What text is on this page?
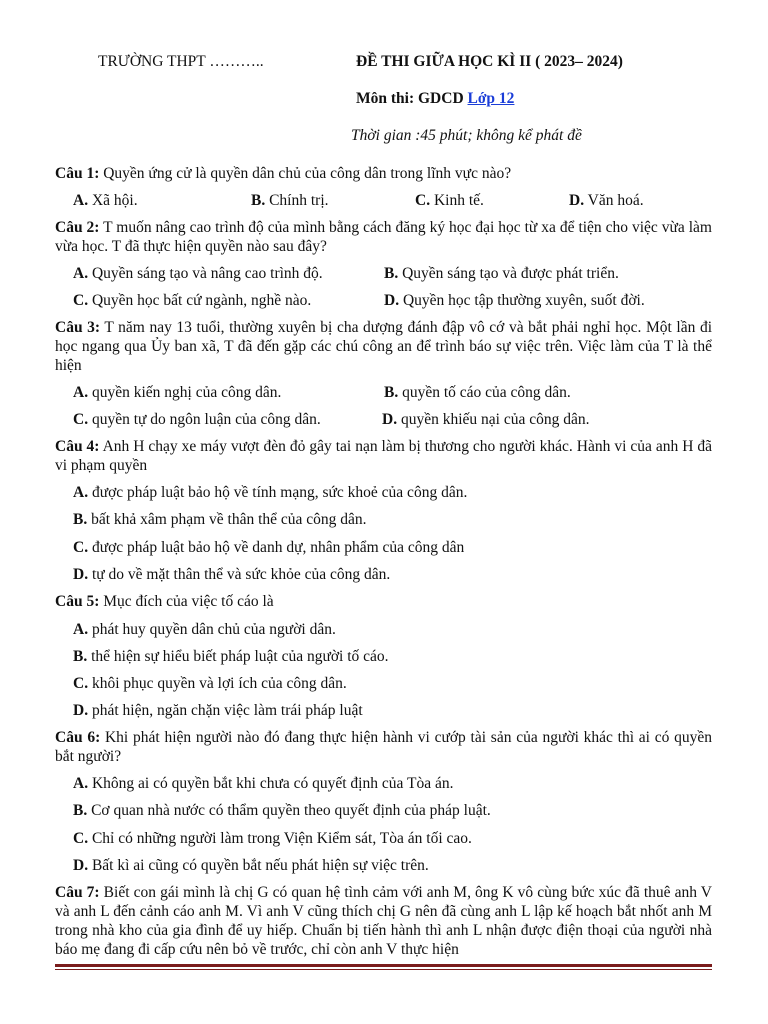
TRƯỜNG THPT ………..	ĐỀ THI GIỮA HỌC KÌ II ( 2023– 2024)
Môn thi: GDCD Lớp 12
Thời gian :45 phút; không kể phát đề
Câu 1: Quyền ứng cử là quyền dân chủ của công dân trong lĩnh vực nào?
A. Xã hội.	B. Chính trị.	C. Kinh tế.	D. Văn hoá.
Câu 2: T muốn nâng cao trình độ của mình bằng cách đăng ký học đại học từ xa để tiện cho việc vừa làm vừa học. T đã thực hiện quyền nào sau đây?
A. Quyền sáng tạo và nâng cao trình độ.	B. Quyền sáng tạo và được phát triển.
C. Quyền học bất cứ ngành, nghề nào.	D. Quyền học tập thường xuyên, suốt đời.
Câu 3: T năm nay 13 tuổi, thường xuyên bị cha dượng đánh đập vô cớ và bắt phải nghỉ học. Một lần đi học ngang qua Ủy ban xã, T đã đến gặp các chú công an để trình báo sự việc trên. Việc làm của T là thể hiện
A. quyền kiến nghị của công dân.	B. quyền tố cáo của công dân.
C. quyền tự do ngôn luận của công dân.	D. quyền khiếu nại của công dân.
Câu 4: Anh H chạy xe máy vượt đèn đỏ gây tai nạn làm bị thương cho người khác. Hành vi của anh H đã vi phạm quyền
A. được pháp luật bảo hộ về tính mạng, sức khoẻ của công dân.
B. bất khả xâm phạm về thân thể của công dân.
C. được pháp luật bảo hộ về danh dự, nhân phẩm của công dân
D. tự do về mặt thân thể và sức khỏe của công dân.
Câu 5: Mục đích của việc tố cáo là
A. phát huy quyền dân chủ của người dân.
B. thể hiện sự hiểu biết pháp luật của người tố cáo.
C. khôi phục quyền và lợi ích của công dân.
D. phát hiện, ngăn chặn việc làm trái pháp luật
Câu 6: Khi phát hiện người nào đó đang thực hiện hành vi cướp tài sản của người khác thì ai có quyền bắt người?
A. Không ai có quyền bắt khi chưa có quyết định của Tòa án.
B. Cơ quan nhà nước có thẩm quyền theo quyết định của pháp luật.
C. Chỉ có những người làm trong Viện Kiểm sát, Tòa án tối cao.
D. Bất kì ai cũng có quyền bắt nếu phát hiện sự việc trên.
Câu 7: Biết con gái mình là chị G có quan hệ tình cảm với anh M, ông K vô cùng bức xúc đã thuê anh V và anh L đến cảnh cáo anh M. Vì anh V cũng thích chị G nên đã cùng anh L lập kế hoạch bắt nhốt anh M trong nhà kho của gia đình để uy hiếp. Chuẩn bị tiến hành thì anh L nhận được điện thoại của người nhà báo mẹ đang đi cấp cứu nên bỏ về trước, chỉ còn anh V thực hiện
